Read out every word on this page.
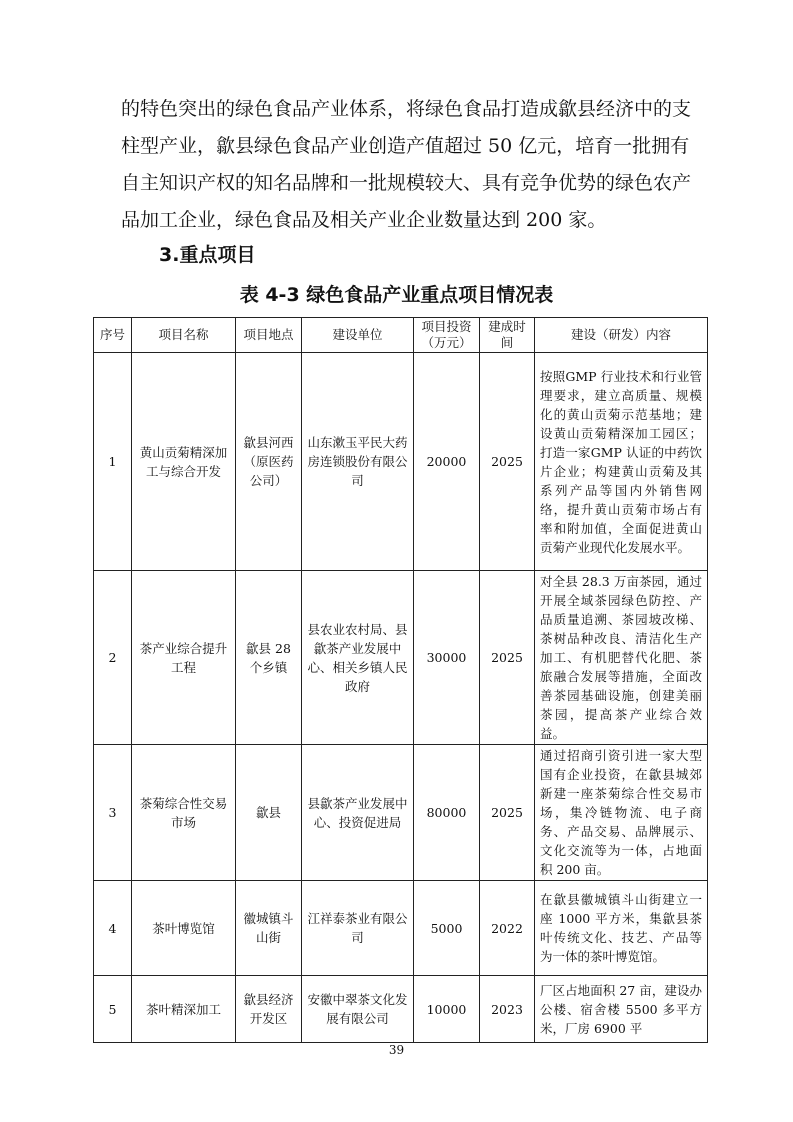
的特色突出的绿色食品产业体系，将绿色食品打造成歙县经济中的支
柱型产业，歙县绿色食品产业创造产值超过 50 亿元，培育一批拥有
自主知识产权的知名品牌和一批规模较大、具有竞争优势的绿色农产
品加工企业，绿色食品及相关产业企业数量达到 200 家。
3.重点项目
表 4-3 绿色食品产业重点项目情况表
序号	项目名称	项目地点	建设单位	项目投资（万元）	建成时间	建设（研发）内容
1	黄山贡菊精深加工与综合开发	歙县河西（原医药公司）	山东漱玉平民大药房连锁股份有限公司	20000	2025	按照GMP 行业技术和行业管理要求，建立高质量、规模化的黄山贡菊示范基地；建设黄山贡菊精深加工园区；打造一家GMP 认证的中药饮片企业；构建黄山贡菊及其系列产品等国内外销售网络，提升黄山贡菊市场占有率和附加值，全面促进黄山贡菊产业现代化发展水平。
2	茶产业综合提升工程	歙县 28 个乡镇	县农业农村局、县歙茶产业发展中心、相关乡镇人民政府	30000	2025	对全县 28.3 万亩茶园，通过开展全域茶园绿色防控、产品质量追溯、茶园坡改梯、茶树品种改良、清洁化生产加工、有机肥替代化肥、茶旅融合发展等措施，全面改善茶园基础设施，创建美丽茶园，提高茶产业综合效益。
3	茶菊综合性交易市场	歙县	县歙茶产业发展中心、投资促进局	80000	2025	通过招商引资引进一家大型国有企业投资，在歙县城郊新建一座茶菊综合性交易市场，集冷链物流、电子商务、产品交易、品牌展示、文化交流等为一体，占地面积 200 亩。
4	茶叶博览馆	徽城镇斗山街	江祥泰茶业有限公司	5000	2022	在歙县徽城镇斗山街建立一座 1000 平方米，集歙县茶叶传统文化、技艺、产品等为一体的茶叶博览馆。
5	茶叶精深加工	歙县经济开发区	安徽中翠茶文化发展有限公司	10000	2023	厂区占地面积 27 亩，建设办公楼、宿舍楼 5500 多平方米，厂房 6900 平

39
